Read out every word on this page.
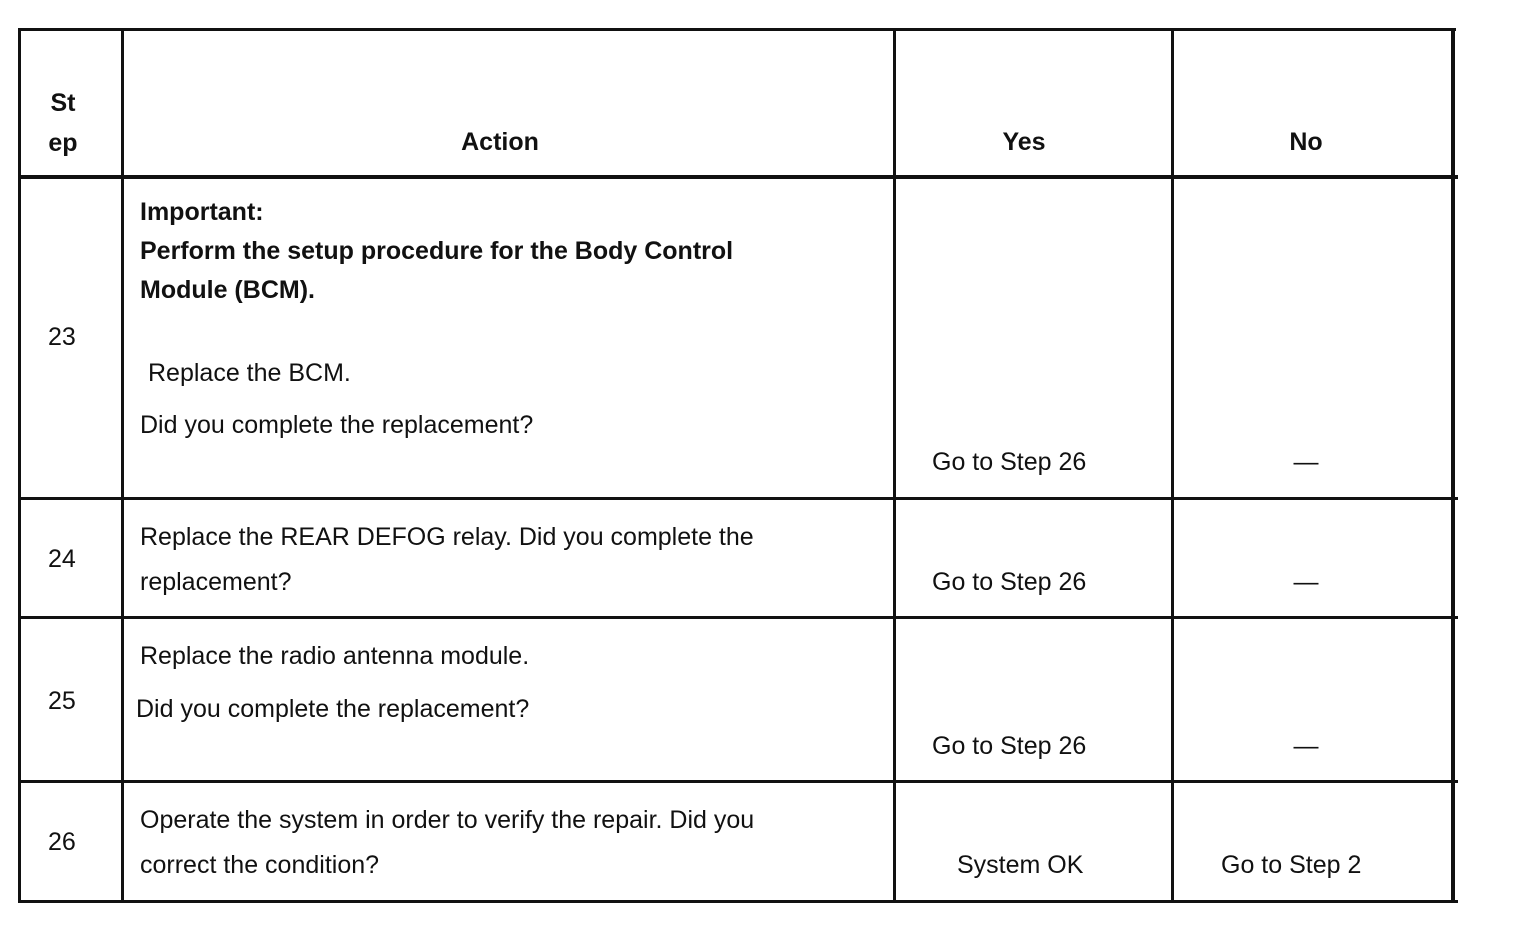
St
ep	Action	Yes	No
23
Important:
Perform the setup procedure for the Body Control
Module (BCM).
Replace the BCM.
Did you complete the replacement?
Go to Step 26	—
24
Replace the REAR DEFOG relay. Did you complete the
replacement?	Go to Step 26	—
25
Replace the radio antenna module.
Did you complete the replacement?
Go to Step 26	—
26
Operate the system in order to verify the repair. Did you
correct the condition?	System OK	Go to Step 2
